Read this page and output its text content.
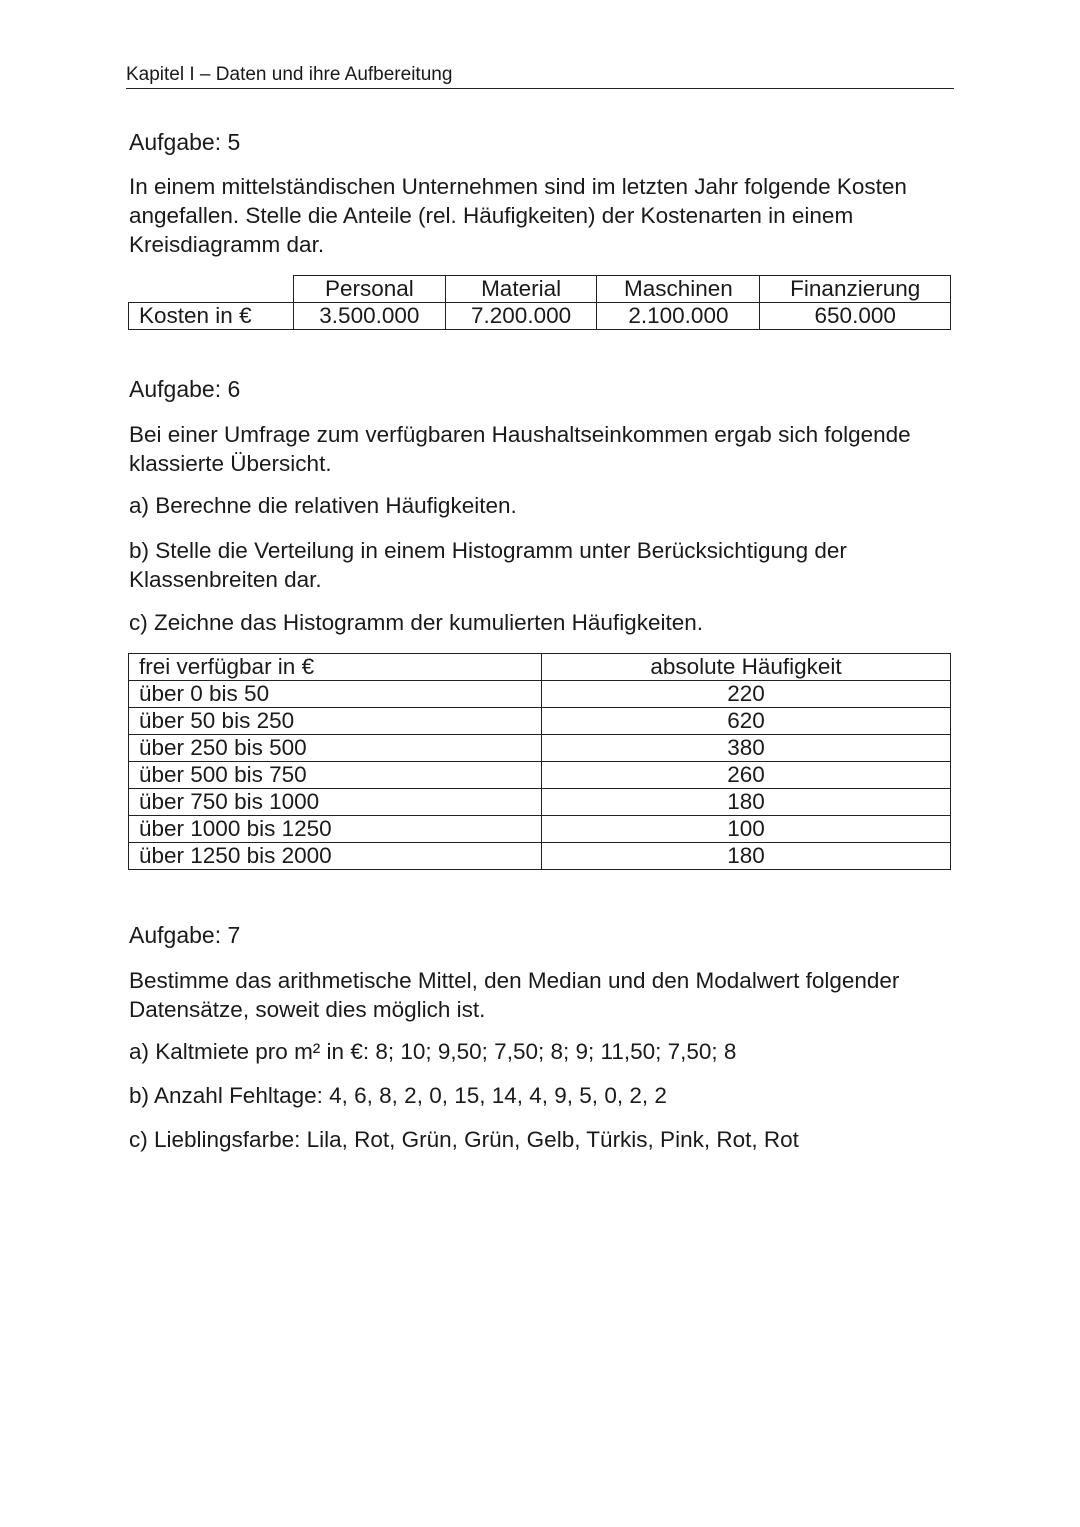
Kapitel I – Daten und ihre Aufbereitung
Aufgabe: 5
In einem mittelständischen Unternehmen sind im letzten Jahr folgende Kosten angefallen. Stelle die Anteile (rel. Häufigkeiten) der Kostenarten in einem Kreisdiagramm dar.
	Personal	Material	Maschinen	Finanzierung
Kosten in €	3.500.000	7.200.000	2.100.000	650.000
Aufgabe: 6
Bei einer Umfrage zum verfügbaren Haushaltseinkommen ergab sich folgende klassierte Übersicht.
a) Berechne die relativen Häufigkeiten.
b) Stelle die Verteilung in einem Histogramm unter Berücksichtigung der Klassenbreiten dar.
c) Zeichne das Histogramm der kumulierten Häufigkeiten.
frei verfügbar in €	absolute Häufigkeit
über 0 bis 50	220
über 50 bis 250	620
über 250 bis 500	380
über 500 bis 750	260
über 750 bis 1000	180
über 1000 bis 1250	100
über 1250 bis 2000	180
Aufgabe: 7
Bestimme das arithmetische Mittel, den Median und den Modalwert folgender Datensätze, soweit dies möglich ist.
a) Kaltmiete pro m² in €: 8; 10; 9,50; 7,50; 8; 9; 11,50; 7,50; 8
b) Anzahl Fehltage: 4, 6, 8, 2, 0, 15, 14, 4, 9, 5, 0, 2, 2
c) Lieblingsfarbe: Lila, Rot, Grün, Grün, Gelb, Türkis, Pink, Rot, Rot
